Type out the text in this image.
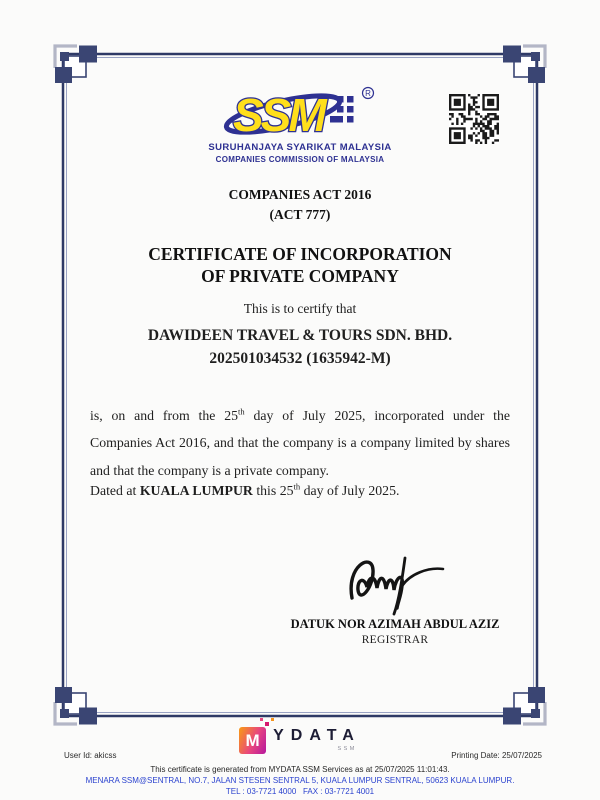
SSM	R
SURUHANJAYA SYARIKAT MALAYSIA
COMPANIES COMMISSION OF MALAYSIA
COMPANIES ACT 2016
(ACT 777)
CERTIFICATE OF INCORPORATION
OF PRIVATE COMPANY
This is to certify that
DAWIDEEN TRAVEL & TOURS SDN. BHD.
202501034532 (1635942-M)

is, on and from the 25th day of July 2025, incorporated under the Companies Act 2016, and that the company is a company limited by shares and that the company is a private company.

Dated at KUALA LUMPUR this 25th day of July 2025.
DATUK NOR AZIMAH ABDUL AZIZ
REGISTRAR
M YDATA
SSM
User Id: akicss	Printing Date: 25/07/2025
This certificate is generated from MYDATA SSM Services as at 25/07/2025 11:01:43.
MENARA SSM@SENTRAL, NO.7, JALAN STESEN SENTRAL 5, KUALA LUMPUR SENTRAL, 50623 KUALA LUMPUR.
TEL : 03-7721 4000   FAX : 03-7721 4001
